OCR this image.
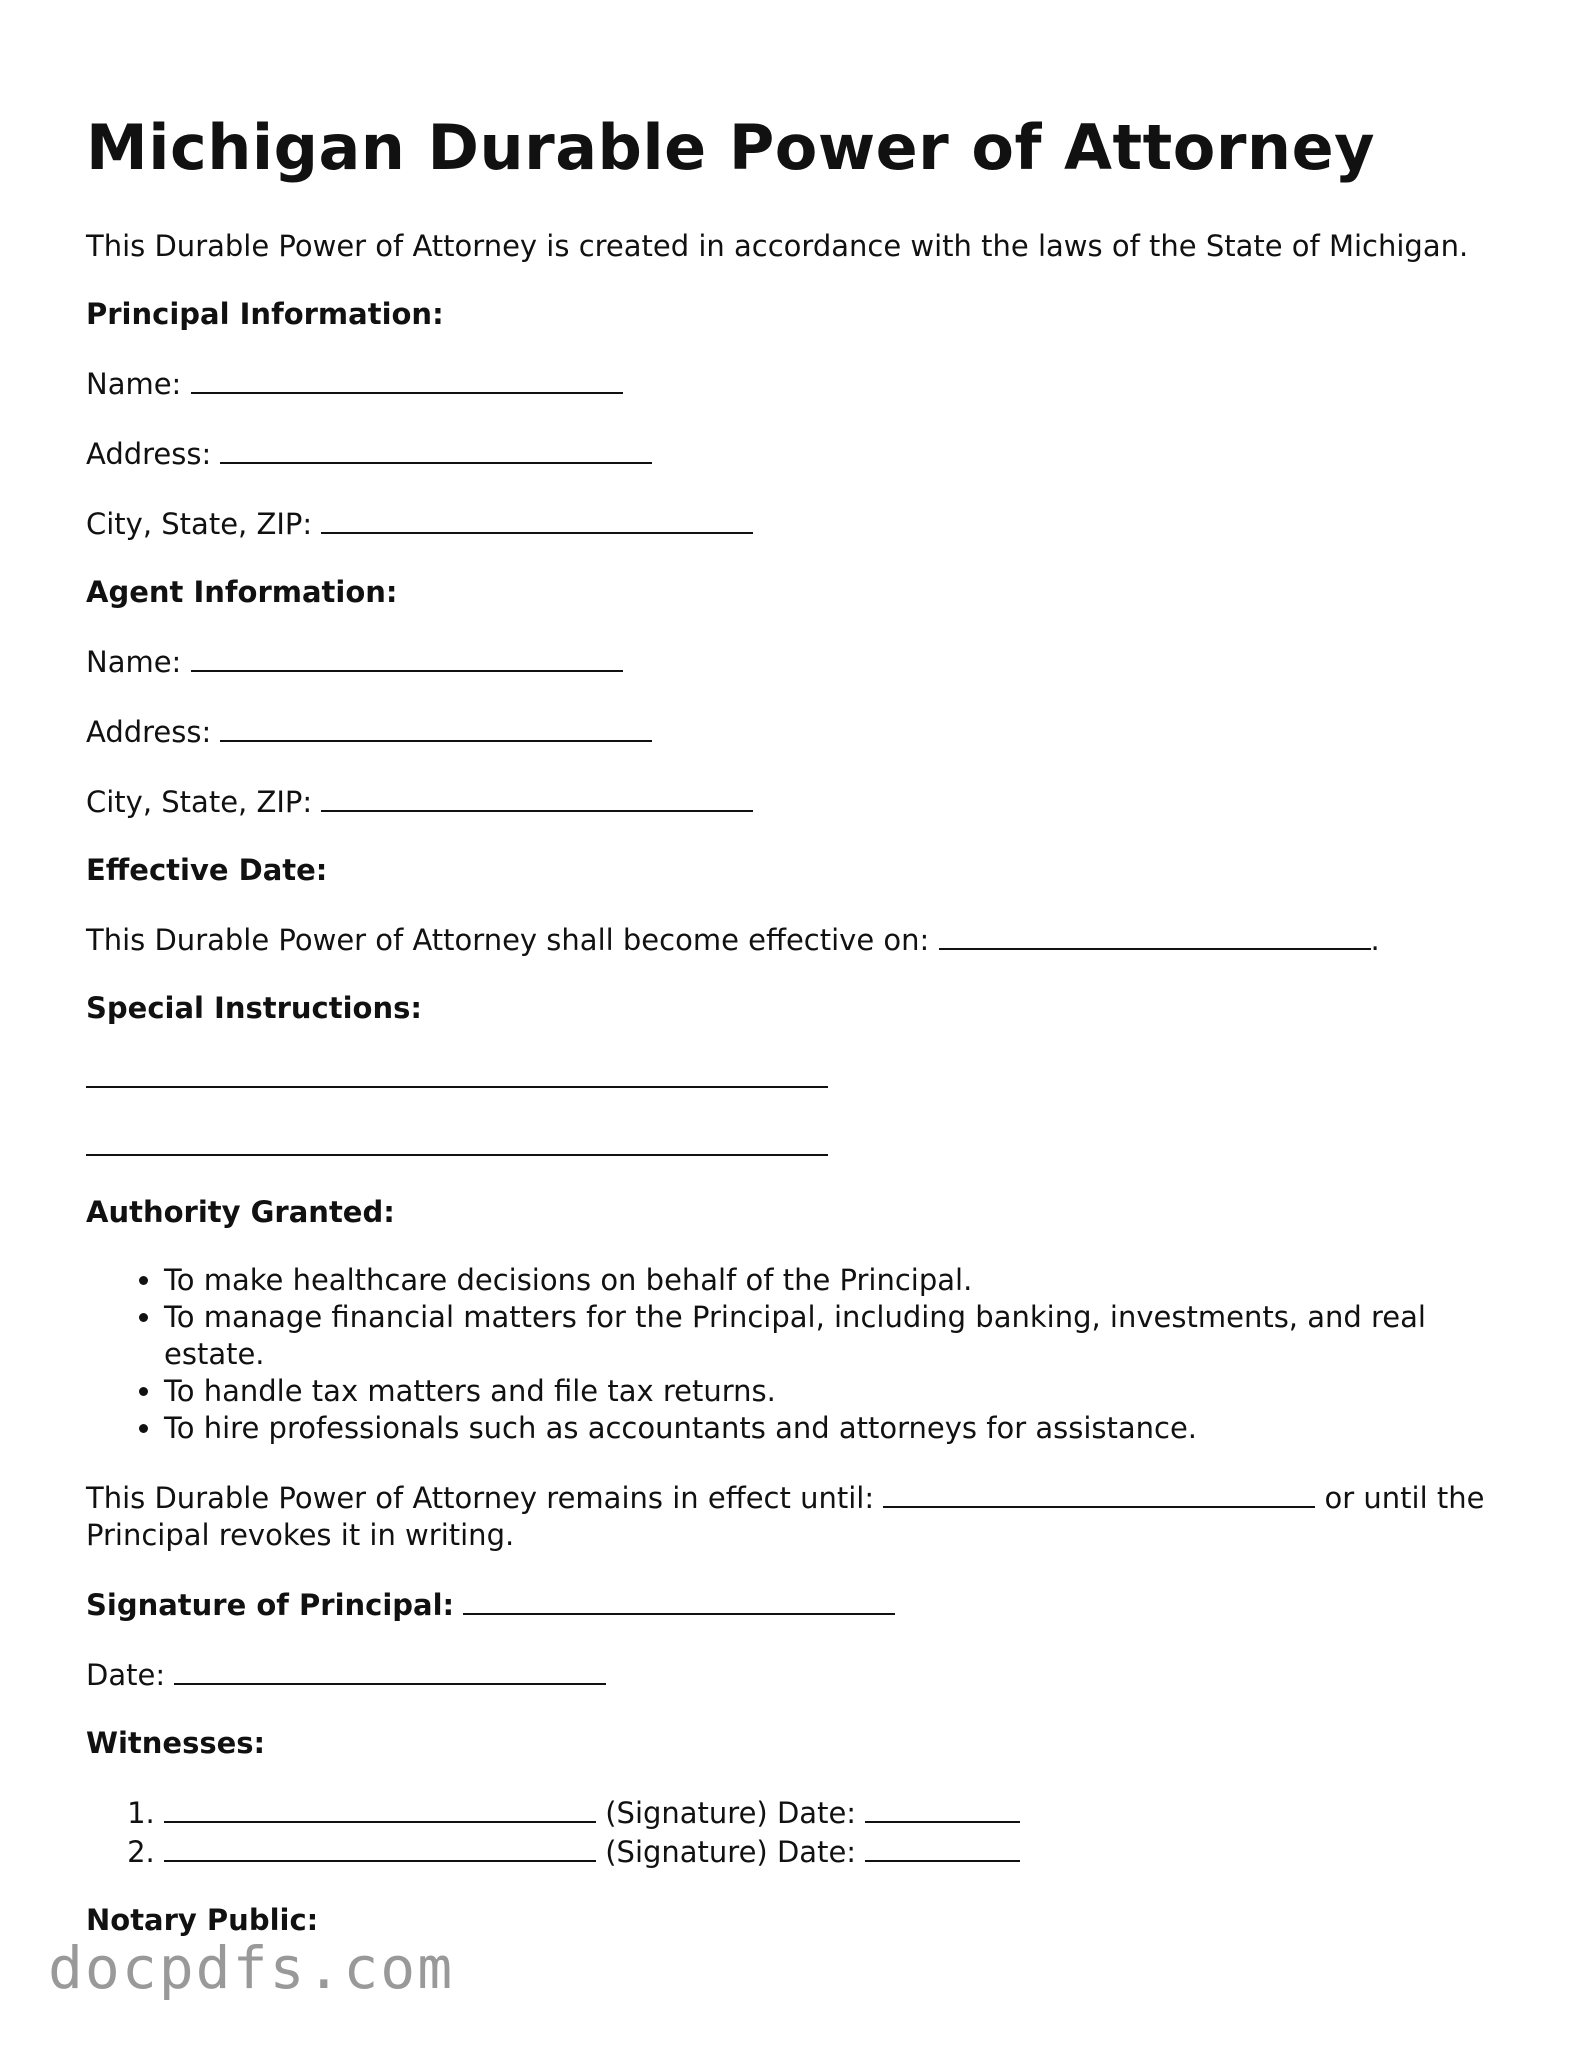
Michigan Durable Power of Attorney

This Durable Power of Attorney is created in accordance with the laws of the State of Michigan.

Principal Information:
Name:
Address:
City, State, ZIP:
Agent Information:
Name:
Address:
City, State, ZIP:
Effective Date:
This Durable Power of Attorney shall become effective on:	.
Special Instructions:
Authority Granted:
• To make healthcare decisions on behalf of the Principal.
• To manage financial matters for the Principal, including banking, investments, and real estate.
• To handle tax matters and file tax returns.
• To hire professionals such as accountants and attorneys for assistance.

This Durable Power of Attorney remains in effect until:	or until the Principal revokes it in writing.

Signature of Principal:
Date:
Witnesses:
1. (Signature) Date:
2. (Signature) Date:
Notary Public:
docpdfs.com
